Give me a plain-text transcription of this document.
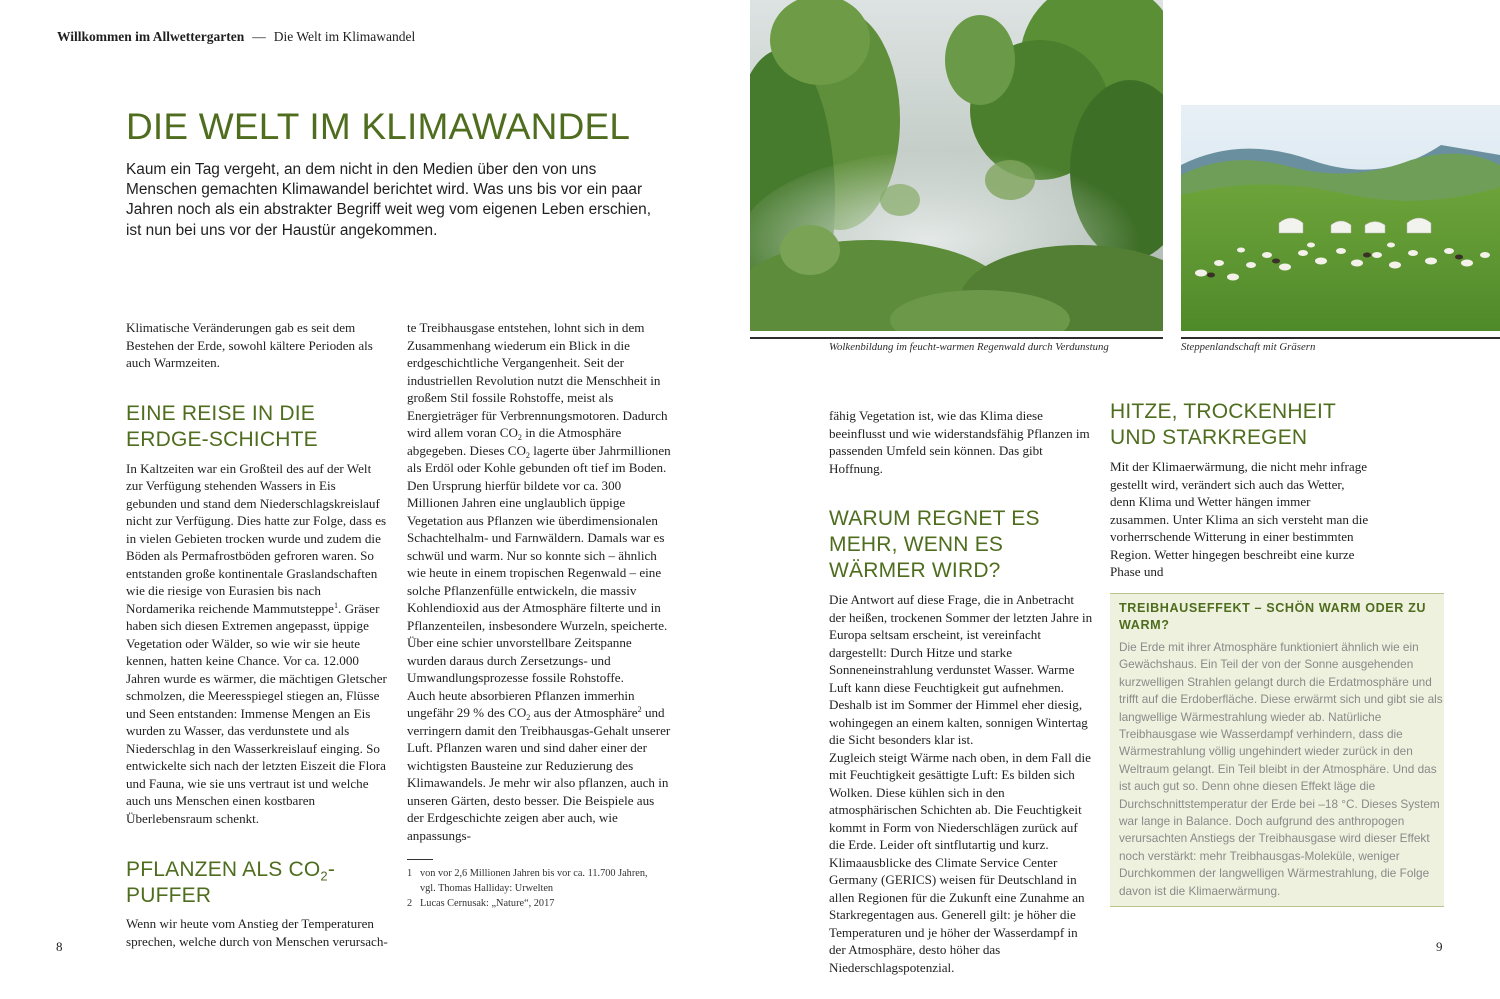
Willkommen im Allwettergarten — Die Welt im Klimawandel
DIE WELT IM KLIMAWANDEL

Kaum ein Tag vergeht, an dem nicht in den Medien über den von uns Menschen gemachten Klimawandel berichtet wird. Was uns bis vor ein paar Jahren noch als ein abstrakter Begriff weit weg vom eigenen Leben erschien, ist nun bei uns vor der Haustür angekommen.

Klimatische Veränderungen gab es seit dem Bestehen der Erde, sowohl kältere Perioden als auch Warmzeiten.

EINE REISE IN DIE ERDGE-SCHICHTE

In Kaltzeiten war ein Großteil des auf der Welt zur Verfügung stehenden Wassers in Eis gebunden und stand dem Niederschlagskreislauf nicht zur Verfügung. Dies hatte zur Folge, dass es in vielen Gebieten trocken wurde und zudem die Böden als Permafrostböden gefroren waren. So entstanden große kontinentale Graslandschaften wie die riesige von Eurasien bis nach Nordamerika reichende Mammutsteppe$^1$. Gräser haben sich diesen Extremen angepasst, üppige Vegetation oder Wälder, so wie wir sie heute kennen, hatten keine Chance. Vor ca. 12.000 Jahren wurde es wärmer, die mächtigen Gletscher schmolzen, die Meeresspiegel stiegen an, Flüsse und Seen entstanden: Immense Mengen an Eis wurden zu Wasser, das verdunstete und als Niederschlag in den Wasserkreislauf einging. So entwickelte sich nach der letzten Eiszeit die Flora und Fauna, wie sie uns vertraut ist und welche auch uns Menschen einen kostbaren Überlebensraum schenkt.

PFLANZEN ALS $CO_2$-PUFFER

Wenn wir heute vom Anstieg der Temperaturen sprechen, welche durch von Menschen verursach-

te Treibhausgase entstehen, lohnt sich in dem Zusammenhang wiederum ein Blick in die erdgeschichtliche Vergangenheit. Seit der industriellen Revolution nutzt die Menschheit in großem Stil fossile Rohstoffe, meist als Energieträger für Verbrennungsmotoren. Dadurch wird allem voran $CO_2$ in die Atmosphäre abgegeben. Dieses $CO_2$ lagerte über Jahrmillionen als Erdöl oder Kohle gebunden oft tief im Boden. Den Ursprung hierfür bildete vor ca. 300 Millionen Jahren eine unglaublich üppige Vegetation aus Pflanzen wie überdimensionalen Schachtelhalm- und Farnwäldern. Damals war es schwül und warm. Nur so konnte sich – ähnlich wie heute in einem tropischen Regenwald – eine solche Pflanzenfülle entwickeln, die massiv Kohlendioxid aus der Atmosphäre filterte und in Pflanzenteilen, insbesondere Wurzeln, speicherte. Über eine schier unvorstellbare Zeitspanne wurden daraus durch Zersetzungs- und Umwandlungsprozesse fossile Rohstoffe.

Auch heute absorbieren Pflanzen immerhin ungefähr 29 % des $CO_2$ aus der Atmosphäre$^2$ und verringern damit den Treibhausgas-Gehalt unserer Luft. Pflanzen waren und sind daher einer der wichtigsten Bausteine zur Reduzierung des Klimawandels. Je mehr wir also pflanzen, auch in unseren Gärten, desto besser. Die Beispiele aus der Erdgeschichte zeigen aber auch, wie anpassungs-

1 von vor 2,6 Millionen Jahren bis vor ca. 11.700 Jahren,
vgl. Thomas Halliday: Urwelten
2 Lucas Cernusak: „Nature“, 2017
8
Wolkenbildung im feucht-warmen Regenwald durch Verdunstung	Steppenlandschaft mit Gräsern

fähig Vegetation ist, wie das Klima diese beeinflusst und wie widerstandsfähig Pflanzen im passenden Umfeld sein können. Das gibt Hoffnung.

WARUM REGNET ES MEHR, WENN ES WÄRMER WIRD?

Die Antwort auf diese Frage, die in Anbetracht der heißen, trockenen Sommer der letzten Jahre in Europa seltsam erscheint, ist vereinfacht dargestellt: Durch Hitze und starke Sonneneinstrahlung verdunstet Wasser. Warme Luft kann diese Feuchtigkeit gut aufnehmen. Deshalb ist im Sommer der Himmel eher diesig, wohingegen an einem kalten, sonnigen Wintertag die Sicht besonders klar ist.

Zugleich steigt Wärme nach oben, in dem Fall die mit Feuchtigkeit gesättigte Luft: Es bilden sich Wolken. Diese kühlen sich in den atmosphärischen Schichten ab. Die Feuchtigkeit kommt in Form von Niederschlägen zurück auf die Erde. Leider oft sintflutartig und kurz. Klimaausblicke des Climate Service Center Germany (GERICS) weisen für Deutschland in allen Regionen für die Zukunft eine Zunahme an Starkregentagen aus. Generell gilt: je höher die Temperaturen und je höher der Wasserdampf in der Atmosphäre, desto höher das Niederschlagspotenzial.

HITZE, TROCKENHEIT UND STARKREGEN

Mit der Klimaerwärmung, die nicht mehr infrage gestellt wird, verändert sich auch das Wetter, denn Klima und Wetter hängen immer zusammen. Unter Klima an sich versteht man die vorherrschende Witterung in einer bestimmten Region. Wetter hingegen beschreibt eine kurze Phase und

TREIBHAUSEFFEKT – SCHÖN WARM ODER ZU WARM?

Die Erde mit ihrer Atmosphäre funktioniert ähnlich wie ein Gewächshaus. Ein Teil der von der Sonne ausgehenden kurzwelligen Strahlen gelangt durch die Erdatmosphäre und trifft auf die Erdoberfläche. Diese erwärmt sich und gibt sie als langwellige Wärmestrahlung wieder ab. Natürliche Treibhausgase wie Wasserdampf verhindern, dass die Wärmestrahlung völlig ungehindert wieder zurück in den Weltraum gelangt. Ein Teil bleibt in der Atmosphäre. Und das ist auch gut so. Denn ohne diesen Effekt läge die Durchschnittstemperatur der Erde bei –18 °C. Dieses System war lange in Balance. Doch aufgrund des anthropogen verursachten Anstiegs der Treibhausgase wird dieser Effekt noch verstärkt: mehr Treibhausgas-Moleküle, weniger Durchkommen der langwelligen Wärmestrahlung, die Folge davon ist die Klimaerwärmung.

9
